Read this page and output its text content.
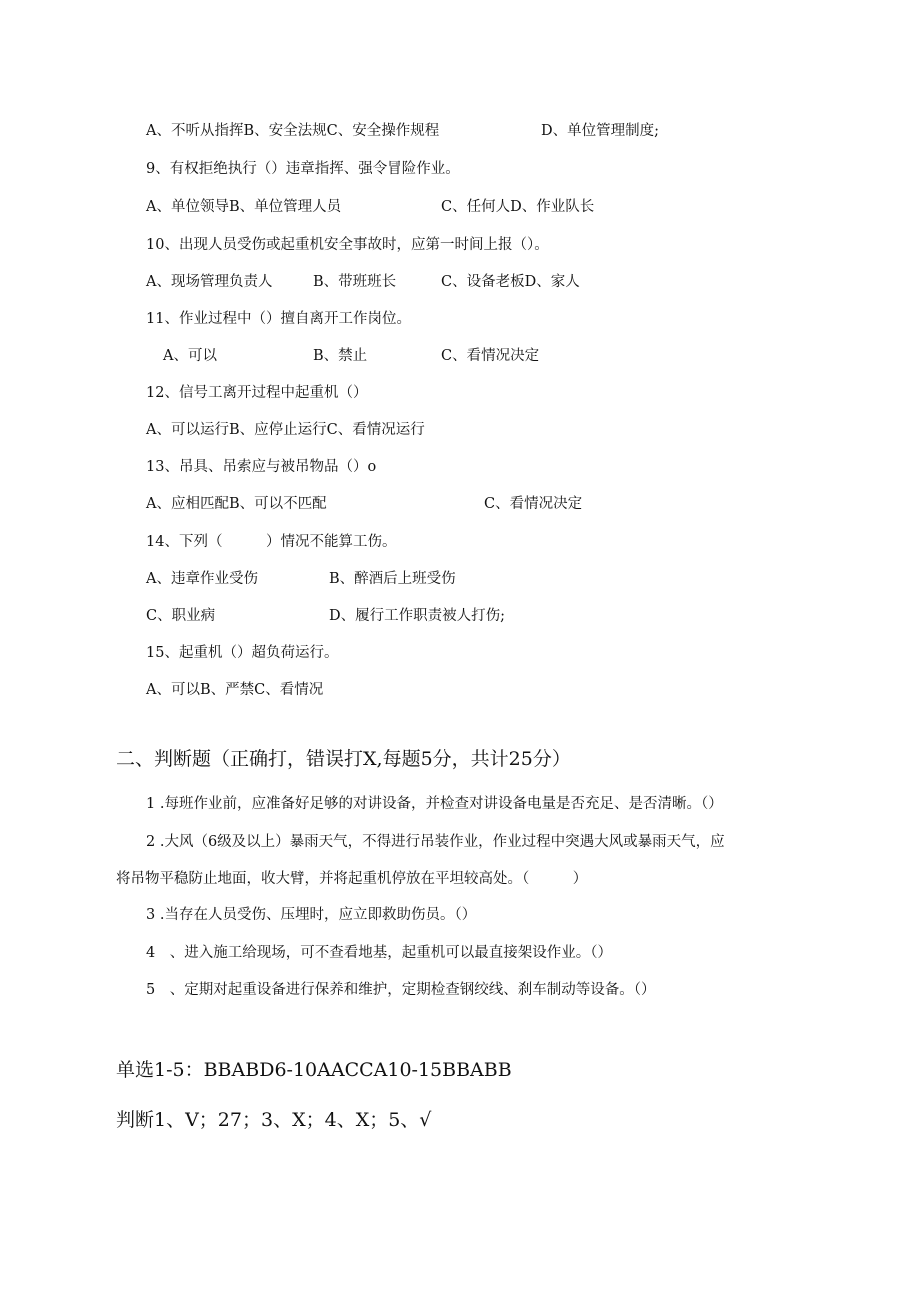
A、不听从指挥B、安全法规C、安全操作规程	D、单位管理制度;
9、有权拒绝执行（）违章指挥、强令冒险作业。
A、单位领导B、单位管理人员	C、任何人D、作业队长
10、出现人员受伤或起重机安全事故时，应第一时间上报（）。
A、现场管理负责人	B、带班班长	C、设备老板D、家人
11、作业过程中（）擅自离开工作岗位。
A、可以	B、禁止	C、看情况决定
12、信号工离开过程中起重机（）
A、可以运行B、应停止运行C、看情况运行
13、吊具、吊索应与被吊物品（）o
A、应相匹配B、可以不匹配	C、看情况决定
14、下列（　　　）情况不能算工伤。
A、违章作业受伤	B、醉酒后上班受伤
C、职业病	D、履行工作职责被人打伤;
15、起重机（）超负荷运行。
A、可以B、严禁C、看情况
二、判断题（正确打，错误打X,每题5分，共计25分）
1 .每班作业前，应准备好足够的对讲设备，并检查对讲设备电量是否充足、是否清晰。（）
2 .大风（6级及以上）暴雨天气，不得进行吊装作业，作业过程中突遇大风或暴雨天气，应
将吊物平稳防止地面，收大臂，并将起重机停放在平坦较高处。（　　　）
3 .当存在人员受伤、压埋时，应立即救助伤员。（）
4　、进入施工给现场，可不查看地基，起重机可以最直接架设作业。（）
5　、定期对起重设备进行保养和维护，定期检查钢绞线、刹车制动等设备。（）
单选1-5：BBABD6-10AACCA10-15BBABB
判断1、V；27；3、X；4、X；5、√
